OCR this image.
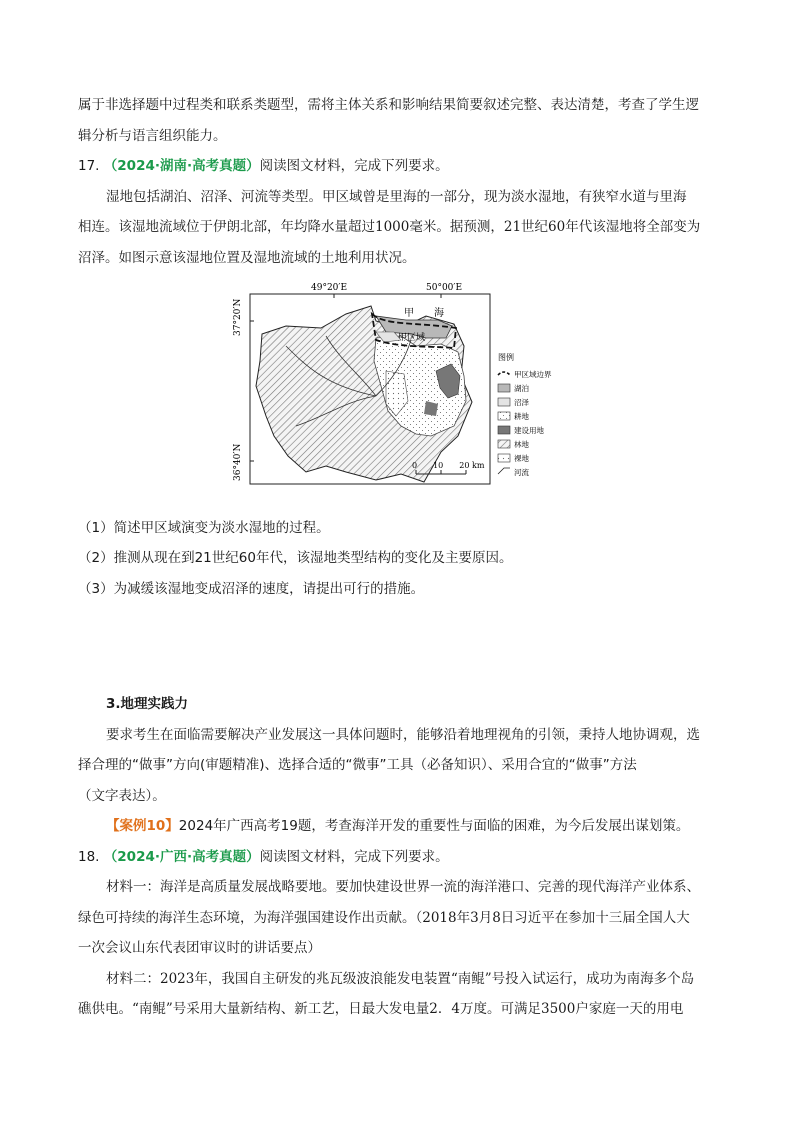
属于非选择题中过程类和联系类题型，需将主体关系和影响结果简要叙述完整、表达清楚，考查了学生逻
辑分析与语言组织能力。
17. （2024·湖南·高考真题）阅读图文材料，完成下列要求。
湿地包括湖泊、沼泽、河流等类型。甲区域曾是里海的一部分，现为淡水湿地，有狭窄水道与里海
相连。该湿地流域位于伊朗北部，年均降水量超过1000毫米。据预测，21世纪60年代该湿地将全部变为
沼泽。如图示意该湿地位置及湿地流域的土地利用状况。
49°20′E	50°00′E
37°20′N
36°40′N
甲　　海
甲区域
0　　10　　20 km
图例
甲区域边界
湖泊
沼泽
耕地
建设用地
林地
裸地
河流
（1）简述甲区域演变为淡水湿地的过程。
（2）推测从现在到21世纪60年代，该湿地类型结构的变化及主要原因。
（3）为减缓该湿地变成沼泽的速度，请提出可行的措施。
3.地理实践力
要求考生在面临需要解决产业发展这一具体问题时，能够沿着地理视角的引领，秉持人地协调观，选
择合理的“做事”方向(审题精准)、选择合适的“微事”工具（必备知识）、采用合宜的“做事”方法
（文字表达）。
【案例10】2024年广西高考19题，考查海洋开发的重要性与面临的困难，为今后发展出谋划策。
18. （2024·广西·高考真题）阅读图文材料，完成下列要求。
材料一：海洋是高质量发展战略要地。要加快建设世界一流的海洋港口、完善的现代海洋产业体系、
绿色可持续的海洋生态环境，为海洋强国建设作出贡献。（2018年3月8日习近平在参加十三届全国人大
一次会议山东代表团审议时的讲话要点）
材料二：2023年，我国自主研发的兆瓦级波浪能发电装置“南鲲”号投入试运行，成功为南海多个岛
礁供电。“南鲲”号采用大量新结构、新工艺，日最大发电量2．4万度。可满足3500户家庭一天的用电
